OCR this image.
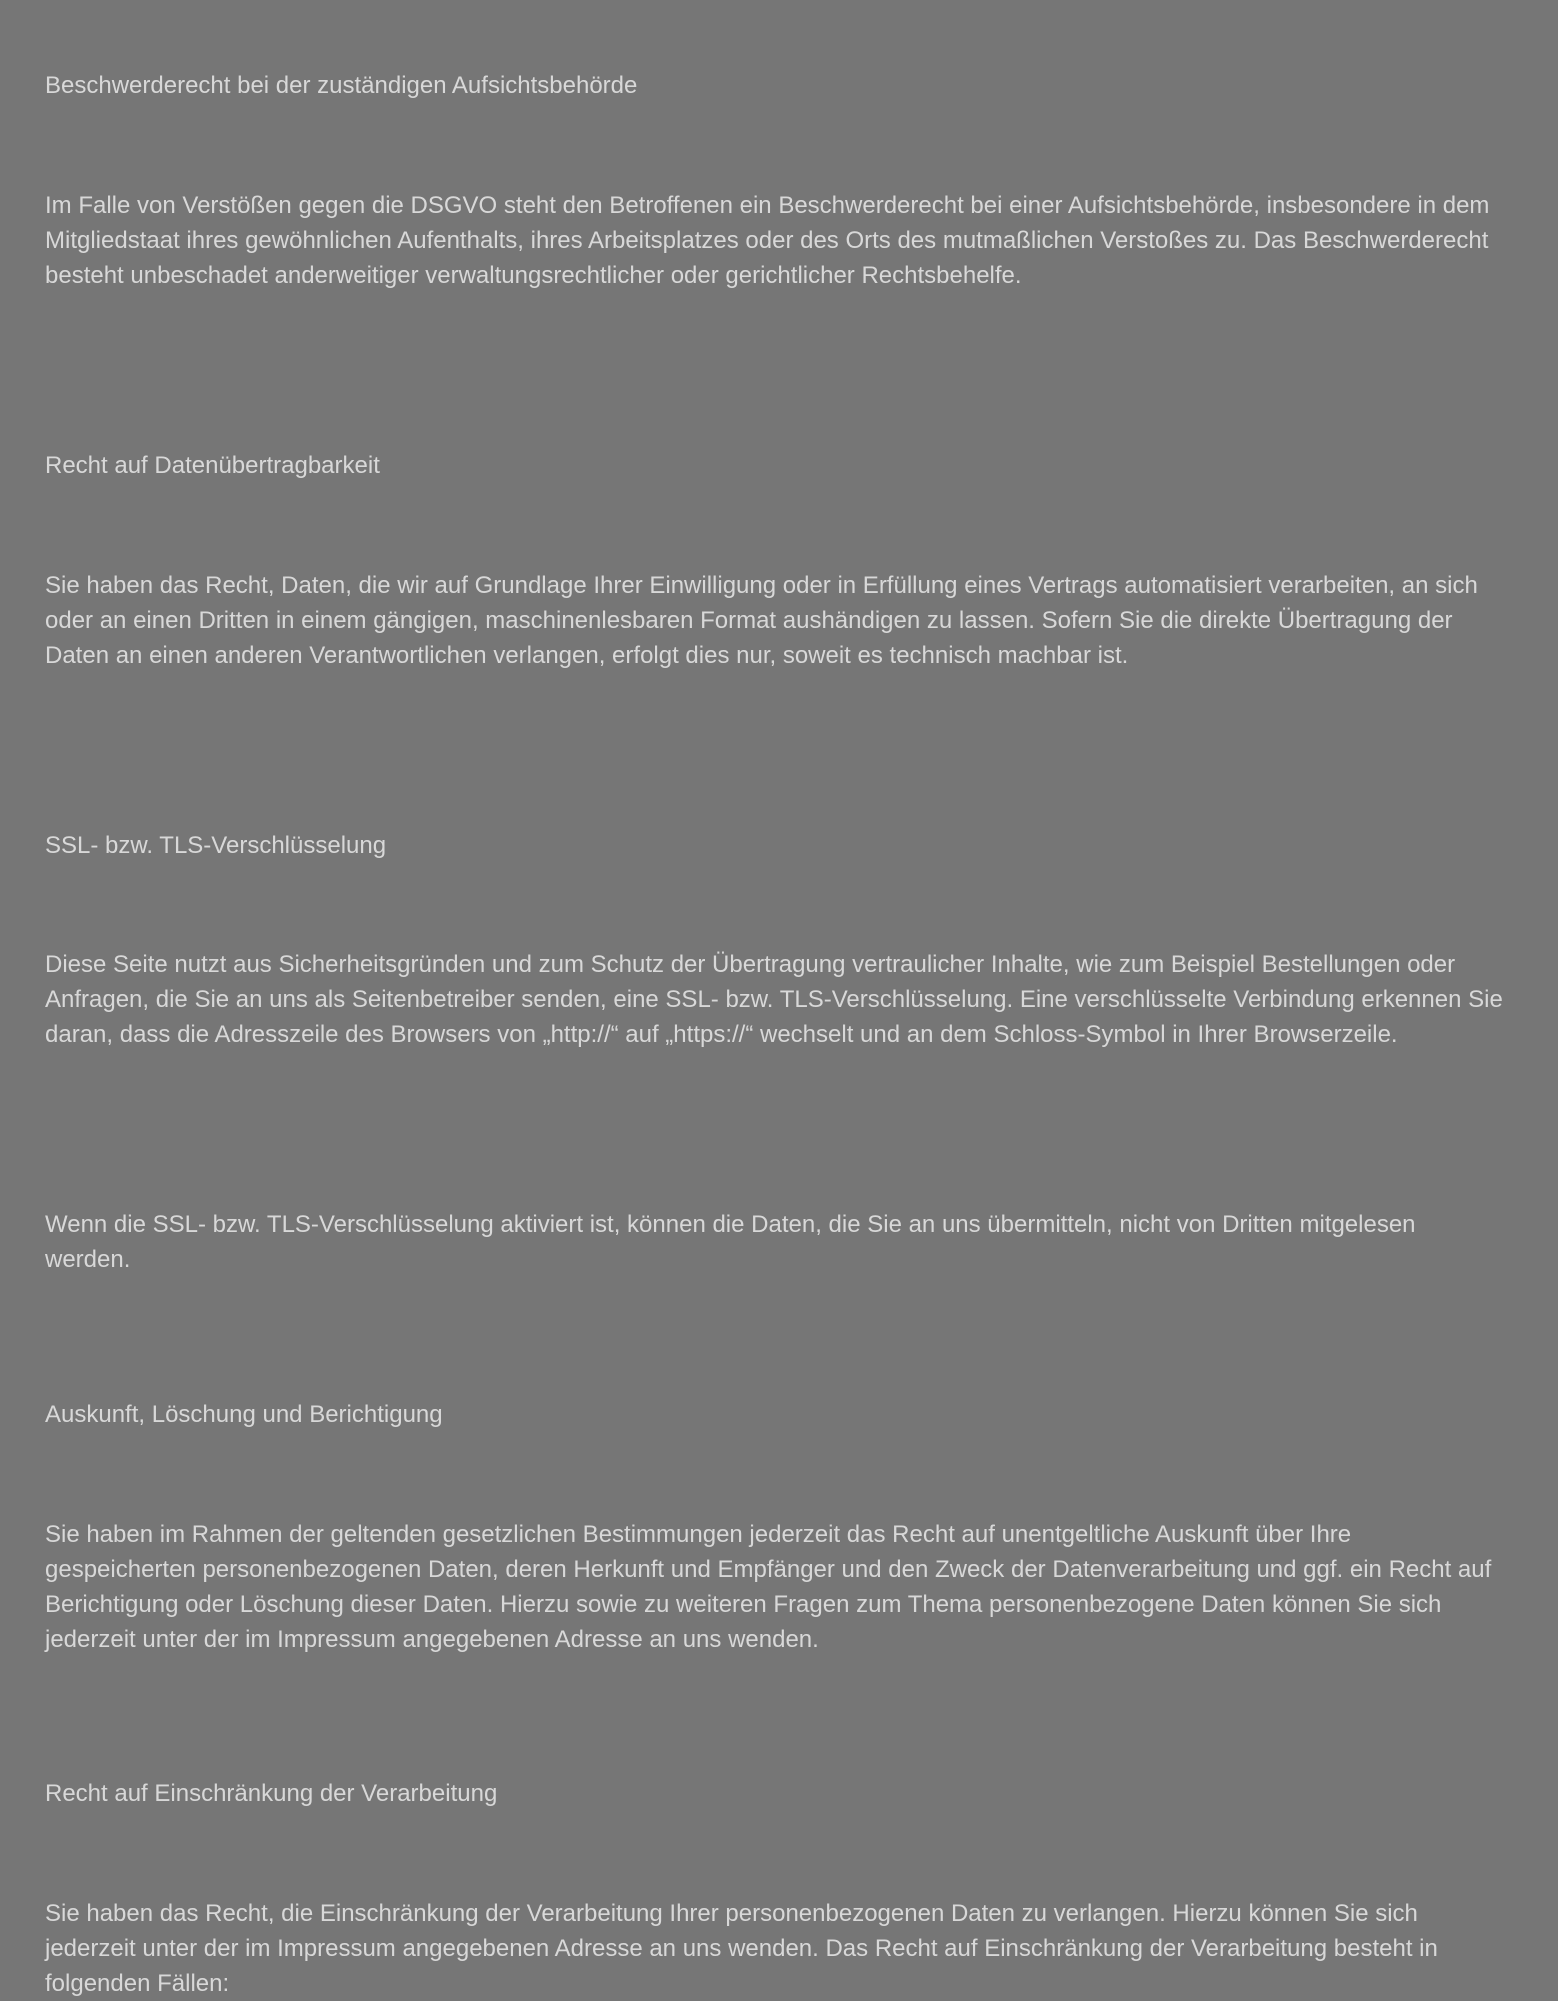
Beschwerderecht bei der zuständigen Aufsichtsbehörde

Im Falle von Verstößen gegen die DSGVO steht den Betroffenen ein Beschwerderecht bei einer Aufsichtsbehörde, insbesondere in dem Mitgliedstaat ihres gewöhnlichen Aufenthalts, ihres Arbeitsplatzes oder des Orts des mutmaßlichen Verstoßes zu. Das Beschwerderecht besteht unbeschadet anderweitiger verwaltungsrechtlicher oder gerichtlicher Rechtsbehelfe.

Recht auf Datenübertragbarkeit

Sie haben das Recht, Daten, die wir auf Grundlage Ihrer Einwilligung oder in Erfüllung eines Vertrags automatisiert verarbeiten, an sich oder an einen Dritten in einem gängigen, maschinenlesbaren Format aushändigen zu lassen. Sofern Sie die direkte Übertragung der Daten an einen anderen Verantwortlichen verlangen, erfolgt dies nur, soweit es technisch machbar ist.

SSL- bzw. TLS-Verschlüsselung

Diese Seite nutzt aus Sicherheitsgründen und zum Schutz der Übertragung vertraulicher Inhalte, wie zum Beispiel Bestellungen oder Anfragen, die Sie an uns als Seitenbetreiber senden, eine SSL- bzw. TLS-Verschlüsselung. Eine verschlüsselte Verbindung erkennen Sie daran, dass die Adresszeile des Browsers von „http://“ auf „https://“ wechselt und an dem Schloss-Symbol in Ihrer Browserzeile.

Wenn die SSL- bzw. TLS-Verschlüsselung aktiviert ist, können die Daten, die Sie an uns übermitteln, nicht von Dritten mitgelesen werden.

Auskunft, Löschung und Berichtigung

Sie haben im Rahmen der geltenden gesetzlichen Bestimmungen jederzeit das Recht auf unentgeltliche Auskunft über Ihre gespeicherten personenbezogenen Daten, deren Herkunft und Empfänger und den Zweck der Datenverarbeitung und ggf. ein Recht auf Berichtigung oder Löschung dieser Daten. Hierzu sowie zu weiteren Fragen zum Thema personenbezogene Daten können Sie sich jederzeit unter der im Impressum angegebenen Adresse an uns wenden.

Recht auf Einschränkung der Verarbeitung

Sie haben das Recht, die Einschränkung der Verarbeitung Ihrer personenbezogenen Daten zu verlangen. Hierzu können Sie sich jederzeit unter der im Impressum angegebenen Adresse an uns wenden. Das Recht auf Einschränkung der Verarbeitung besteht in folgenden Fällen:
